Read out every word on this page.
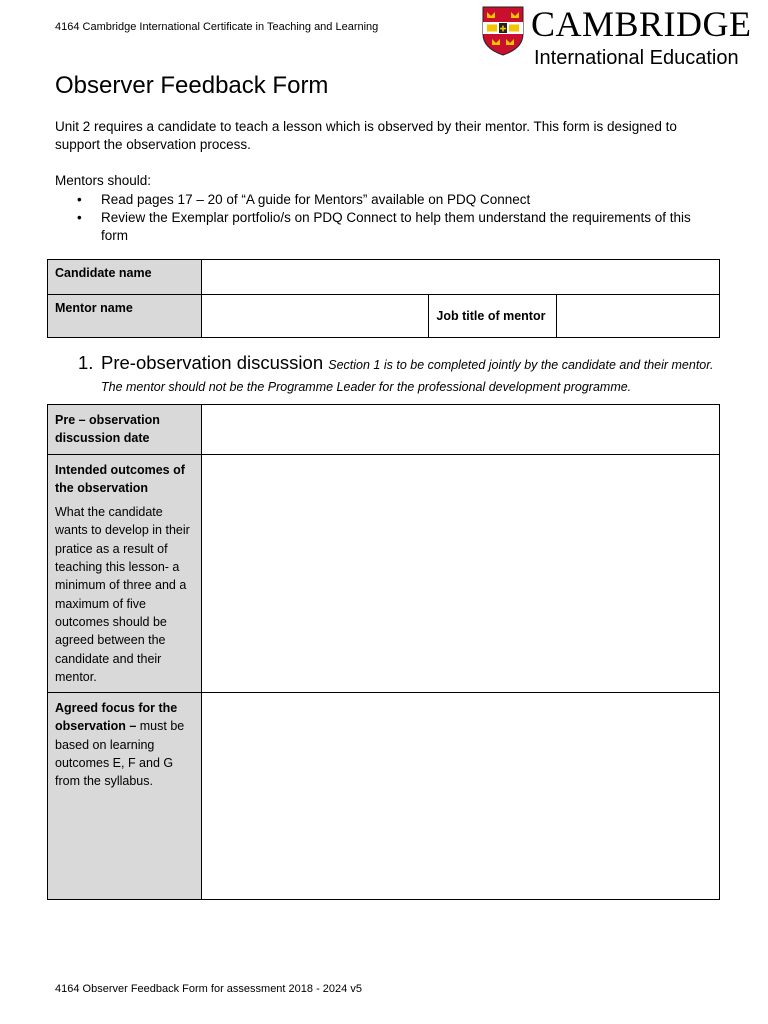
4164 Cambridge International Certificate in Teaching and Learning	✚ CAMBRIDGE
International Education
Observer Feedback Form
Unit 2 requires a candidate to teach a lesson which is observed by their mentor. This form is designed to support the observation process.
Mentors should:
• Read pages 17 – 20 of “A guide for Mentors” available on PDQ Connect
• Review the Exemplar portfolio/s on PDQ Connect to help them understand the requirements of this form
Candidate name			
Mentor name		Job title of mentor	
1. Pre-observation discussion Section 1 is to be completed jointly by the candidate and their mentor. The mentor should not be the Programme Leader for the professional development programme.
Pre – observation discussion date	

Intended outcomes of the observation
What the candidate wants to develop in their pratice as a result of teaching this lesson- a minimum of three and a maximum of five outcomes should be agreed between the candidate and their mentor.	

Agreed focus for the observation – must be based on learning outcomes E, F and G from the syllabus.	
4164 Observer Feedback Form for assessment 2018 - 2024 v5
